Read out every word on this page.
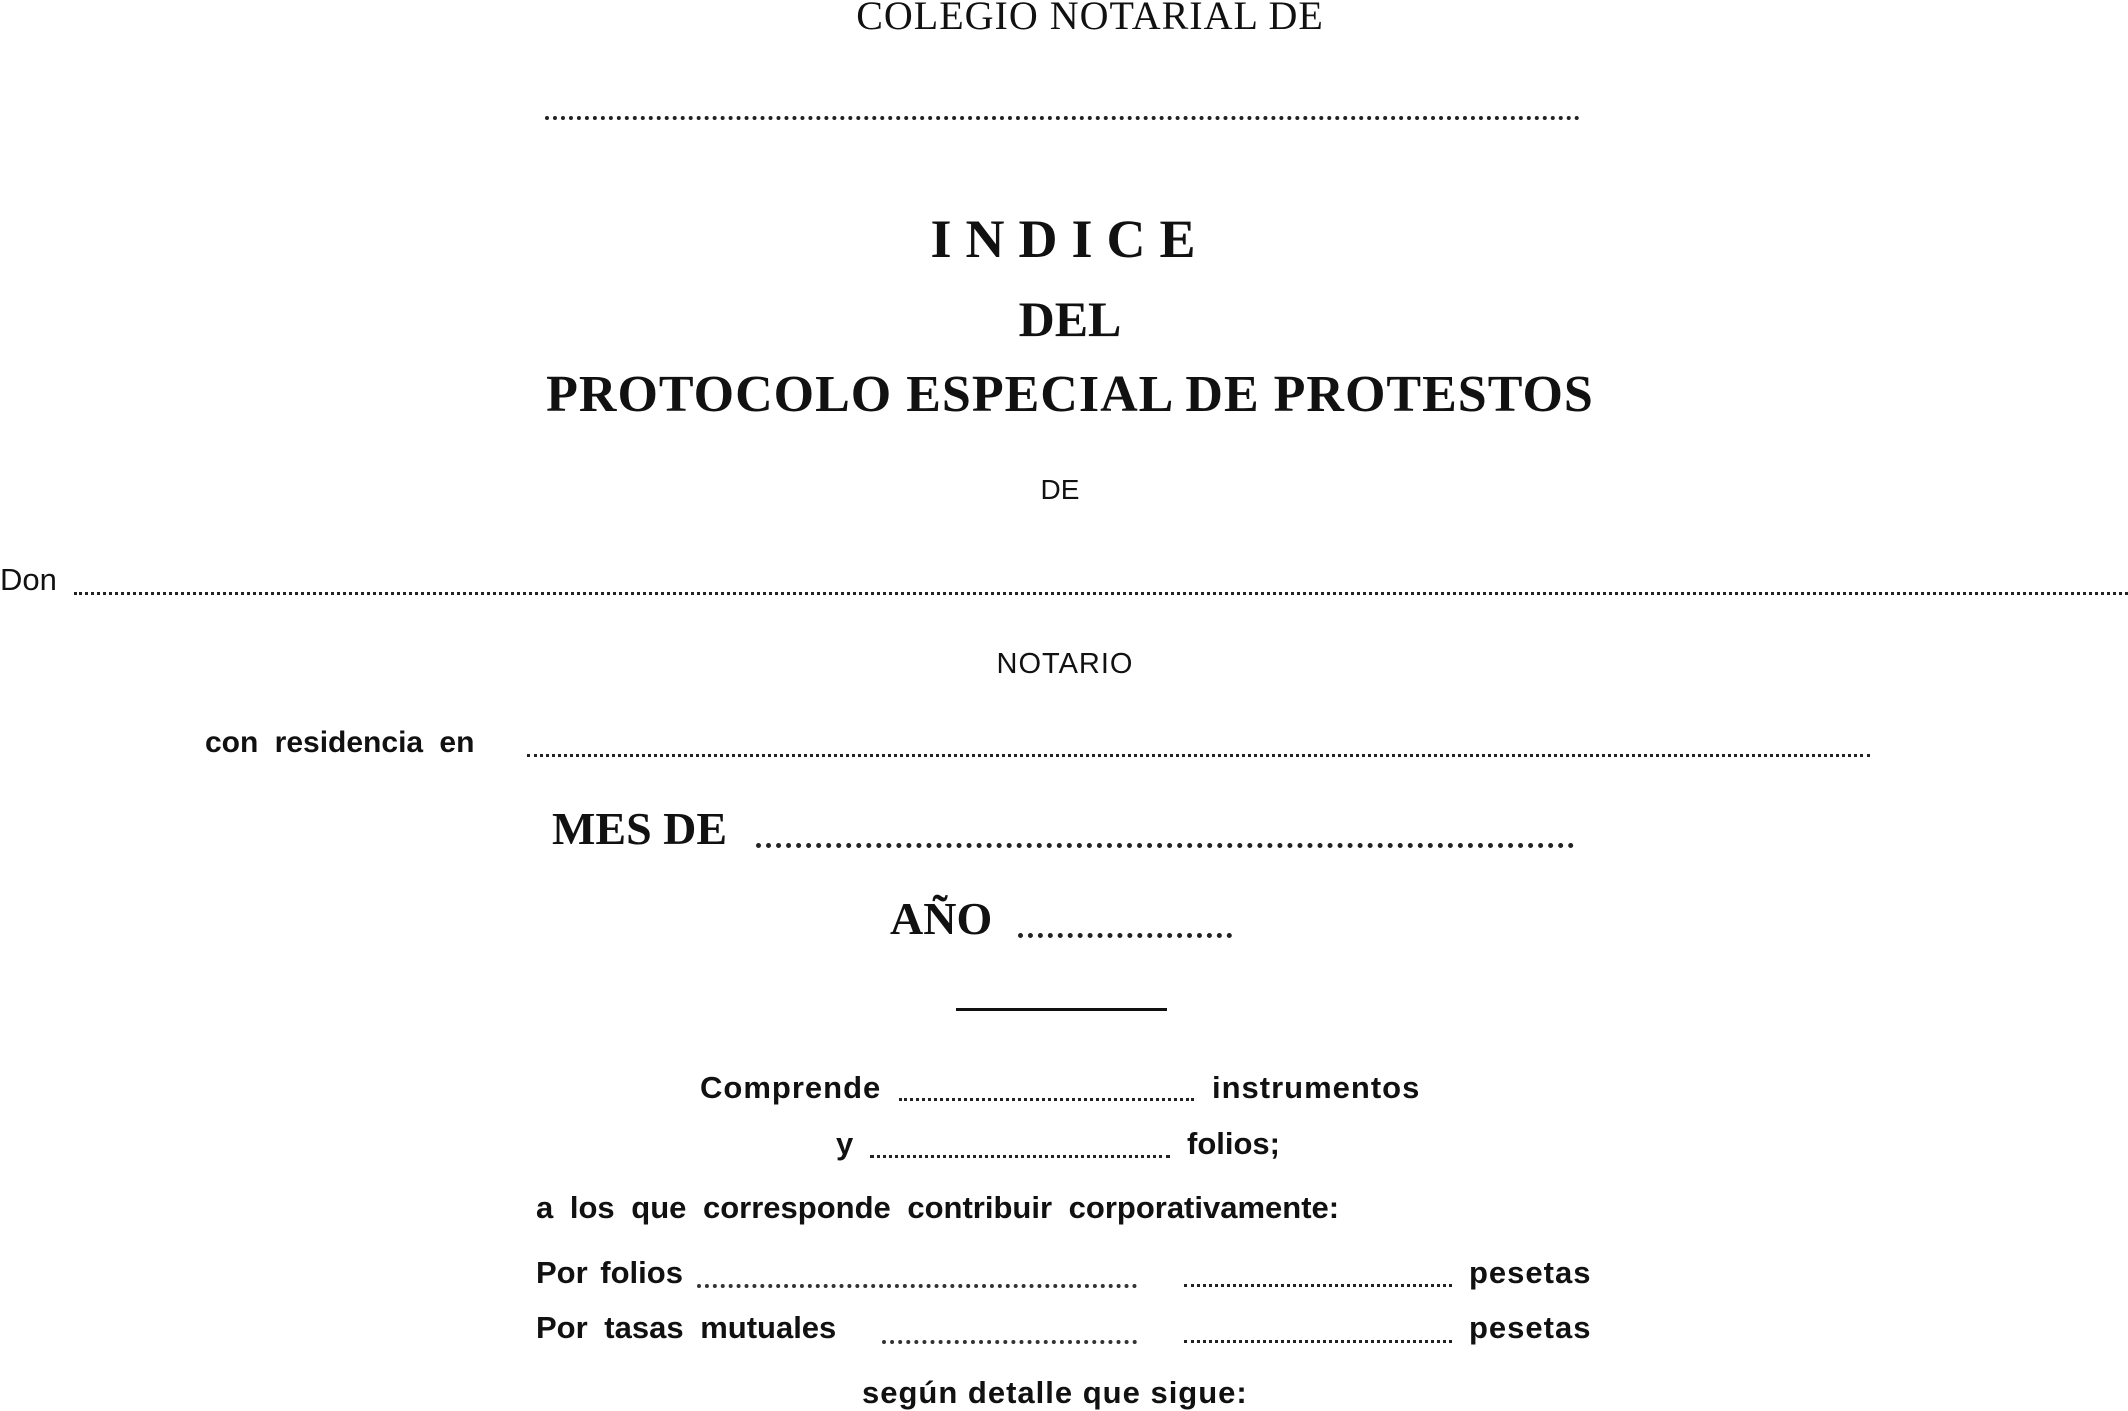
COLEGIO NOTARIAL DE
INDICE
DEL
PROTOCOLO ESPECIAL DE PROTESTOS
DE
Don
NOTARIO
con residencia en
MES DE
AÑO
Comprende	instrumentos
y	folios;
a los que corresponde contribuir corporativamente:
Por folios	pesetas
Por tasas mutuales	pesetas
según detalle que sigue:
